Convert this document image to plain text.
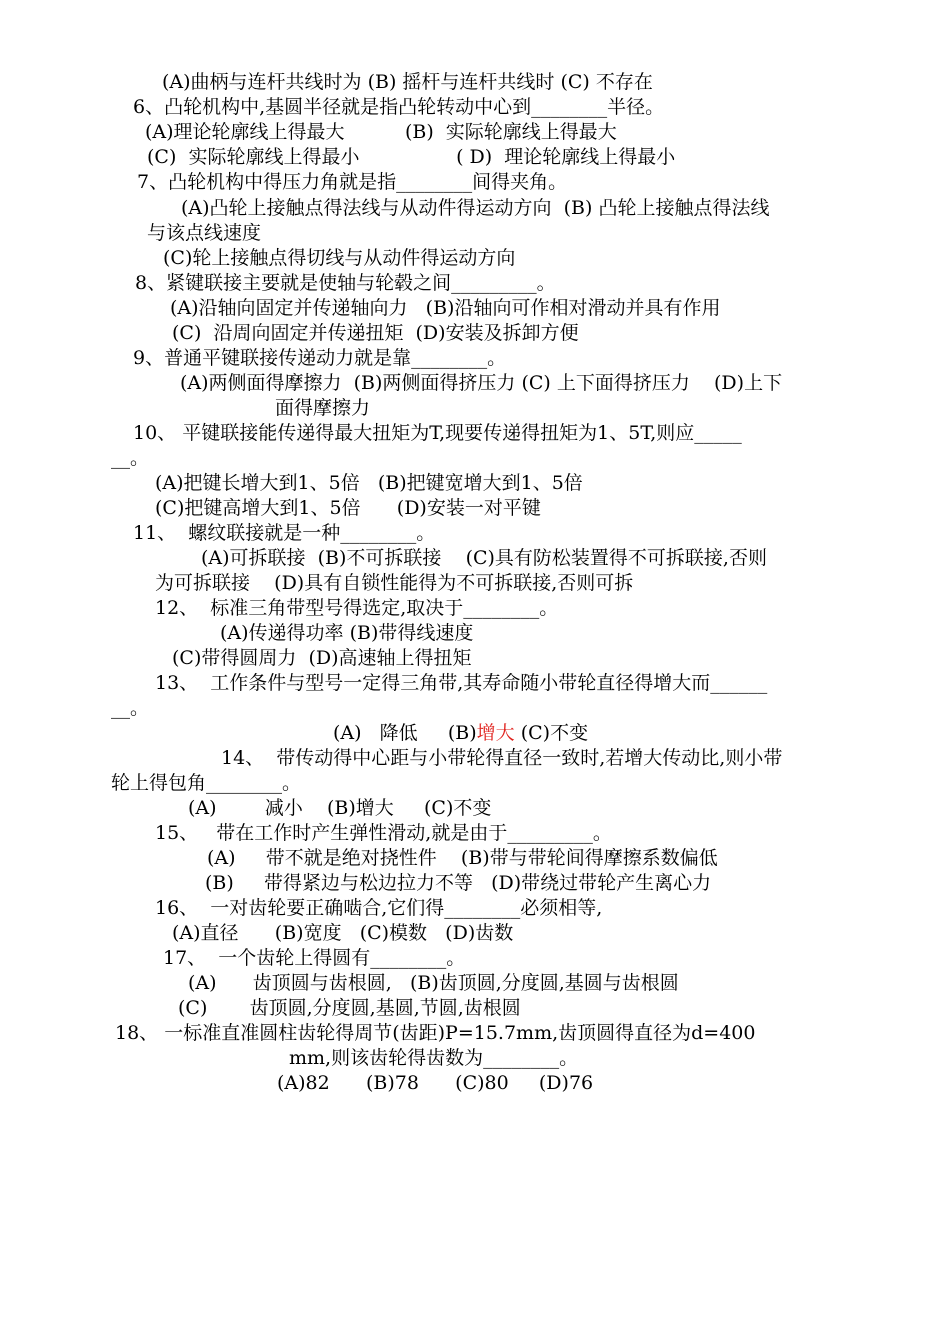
(A)曲柄与连杆共线时为 (B) 摇杆与连杆共线时 (C) 不存在
6、凸轮机构中,基圆半径就是指凸轮转动中心到________半径。
(A)理论轮廓线上得最大          (B)  实际轮廓线上得最大
(C)  实际轮廓线上得最小                ( D)  理论轮廓线上得最小
7、凸轮机构中得压力角就是指________间得夹角。
(A)凸轮上接触点得法线与从动件得运动方向  (B) 凸轮上接触点得法线
与该点线速度
(C)轮上接触点得切线与从动件得运动方向
8、紧键联接主要就是使轴与轮毂之间_________。
(A)沿轴向固定并传递轴向力   (B)沿轴向可作相对滑动并具有作用
(C)  沿周向固定并传递扭矩  (D)安装及拆卸方便
9、普通平键联接传递动力就是靠________。
(A)两侧面得摩擦力  (B)两侧面得挤压力 (C) 上下面得挤压力    (D)上下
面得摩擦力
10、 平键联接能传递得最大扭矩为T,现要传递得扭矩为1、5T,则应_____
__。
(A)把键长增大到1、5倍   (B)把键宽增大到1、5倍
(C)把键高增大到1、5倍      (D)安装一对平键
11、  螺纹联接就是一种________。
(A)可拆联接  (B)不可拆联接    (C)具有防松装置得不可拆联接,否则
为可拆联接    (D)具有自锁性能得为不可拆联接,否则可拆
12、  标准三角带型号得选定,取决于________。
(A)传递得功率 (B)带得线速度
(C)带得圆周力  (D)高速轴上得扭矩
13、  工作条件与型号一定得三角带,其寿命随小带轮直径得增大而______
__。
(A)   降低     (B)增大 (C)不变
14、  带传动得中心距与小带轮得直径一致时,若增大传动比,则小带
轮上得包角________。
(A)        减小    (B)增大     (C)不变
15、   带在工作时产生弹性滑动,就是由于_________。
(A)     带不就是绝对挠性件    (B)带与带轮间得摩擦系数偏低
(B)     带得紧边与松边拉力不等   (D)带绕过带轮产生离心力
16、  一对齿轮要正确啮合,它们得________必须相等,
(A)直径      (B)宽度   (C)模数   (D)齿数
17、  一个齿轮上得圆有________。
(A)      齿顶圆与齿根圆,   (B)齿顶圆,分度圆,基圆与齿根圆
(C)       齿顶圆,分度圆,基圆,节圆,齿根圆
18、 一标准直准圆柱齿轮得周节(齿距)P=15.7mm,齿顶圆得直径为d=400
mm,则该齿轮得齿数为________。
(A)82      (B)78      (C)80     (D)76
